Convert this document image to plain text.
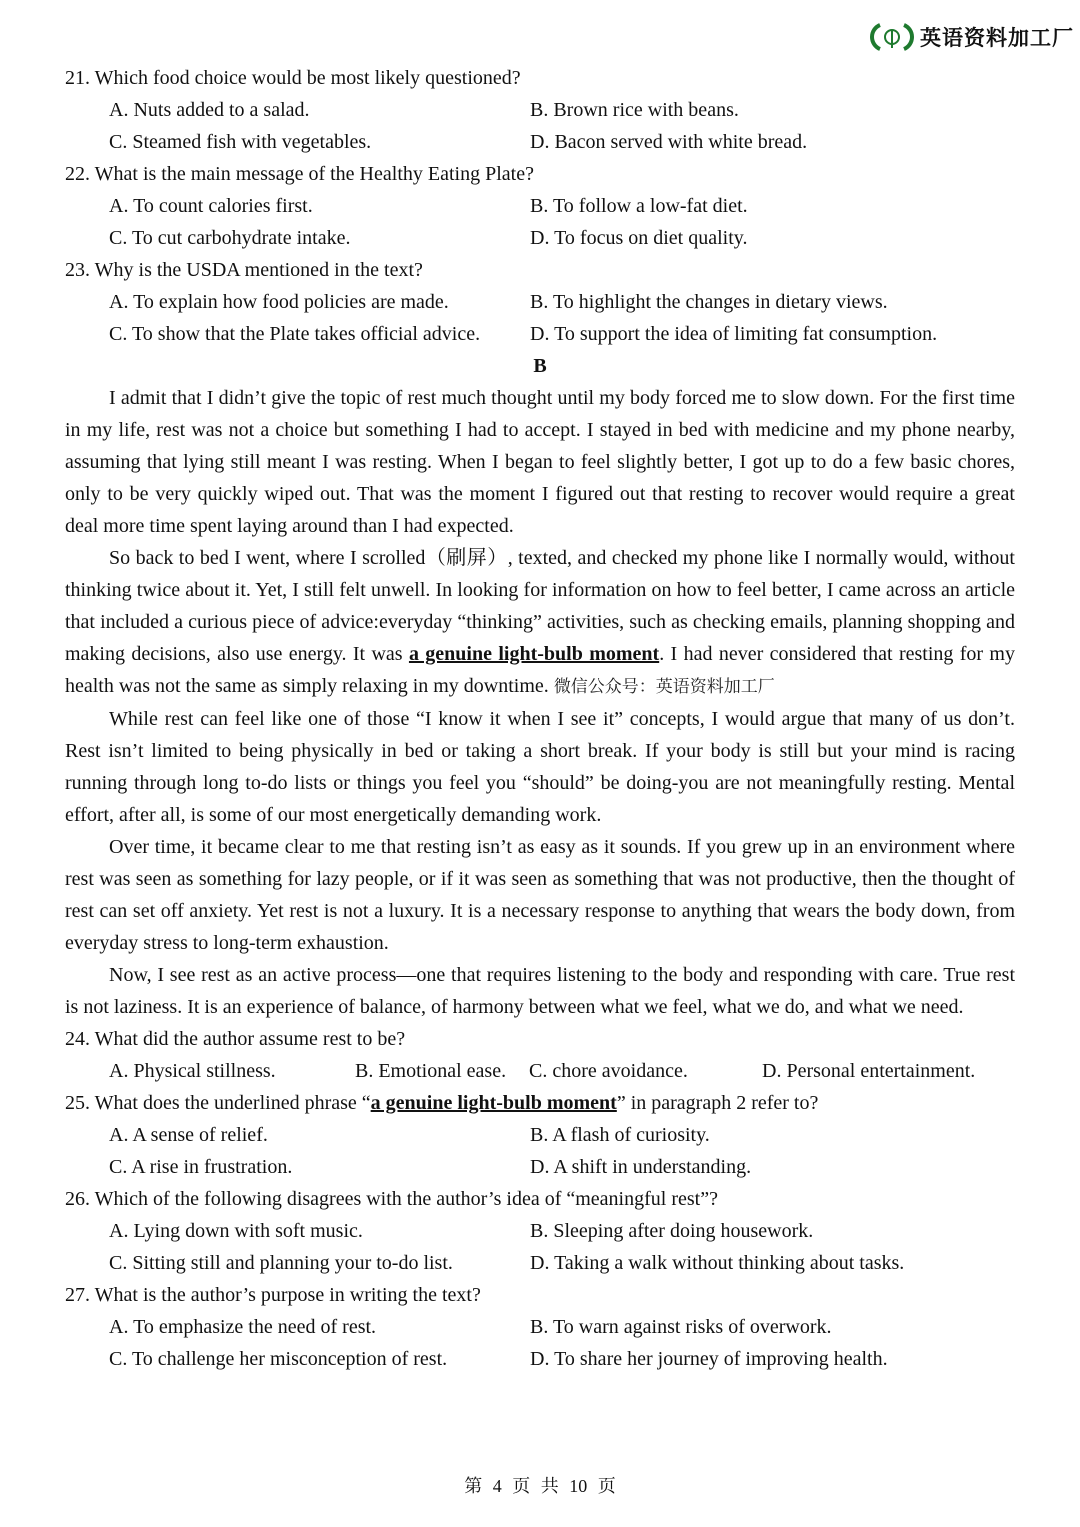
英语资料加工厂
21. Which food choice would be most likely questioned?
A. Nuts added to a salad.	B. Brown rice with beans.
C. Steamed fish with vegetables.	D. Bacon served with white bread.
22. What is the main message of the Healthy Eating Plate?
A. To count calories first.	B. To follow a low-fat diet.
C. To cut carbohydrate intake.	D. To focus on diet quality.
23. Why is the USDA mentioned in the text?
A. To explain how food policies are made.	B. To highlight the changes in dietary views.
C. To show that the Plate takes official advice.	D. To support the idea of limiting fat consumption.
B
I admit that I didn’t give the topic of rest much thought until my body forced me to slow down. For the first time in my life, rest was not a choice but something I had to accept. I stayed in bed with medicine and my phone nearby, assuming that lying still meant I was resting. When I began to feel slightly better, I got up to do a few basic chores, only to be very quickly wiped out. That was the moment I figured out that resting to recover would require a great deal more time spent laying around than I had expected.
So back to bed I went, where I scrolled（刷屏）, texted, and checked my phone like I normally would, without thinking twice about it. Yet, I still felt unwell. In looking for information on how to feel better, I came across an article that included a curious piece of advice:everyday “thinking” activities, such as checking emails, planning shopping and making decisions, also use energy. It was a genuine light-bulb moment. I had never considered that resting for my health was not the same as simply relaxing in my downtime. 微信公众号：英语资料加工厂
While rest can feel like one of those “I know it when I see it” concepts, I would argue that many of us don’t. Rest isn’t limited to being physically in bed or taking a short break. If your body is still but your mind is racing running through long to-do lists or things you feel you “should” be doing-you are not meaningfully resting. Mental effort, after all, is some of our most energetically demanding work.
Over time, it became clear to me that resting isn’t as easy as it sounds. If you grew up in an environment where rest was seen as something for lazy people, or if it was seen as something that was not productive, then the thought of rest can set off anxiety. Yet rest is not a luxury. It is a necessary response to anything that wears the body down, from everyday stress to long-term exhaustion.
Now, I see rest as an active process—one that requires listening to the body and responding with care. True rest is not laziness. It is an experience of balance, of harmony between what we feel, what we do, and what we need.
24. What did the author assume rest to be?
A. Physical stillness.	B. Emotional ease.	C. chore avoidance.	D. Personal entertainment.
25. What does the underlined phrase “a genuine light-bulb moment” in paragraph 2 refer to?
A. A sense of relief.	B. A flash of curiosity.
C. A rise in frustration.	D. A shift in understanding.
26. Which of the following disagrees with the author’s idea of “meaningful rest”?
A. Lying down with soft music.	B. Sleeping after doing housework.
C. Sitting still and planning your to-do list.	D. Taking a walk without thinking about tasks.
27. What is the author’s purpose in writing the text?
A. To emphasize the need of rest.	B. To warn against risks of overwork.
C. To challenge her misconception of rest.	D. To share her journey of improving health.
第 4 页 共 10 页
